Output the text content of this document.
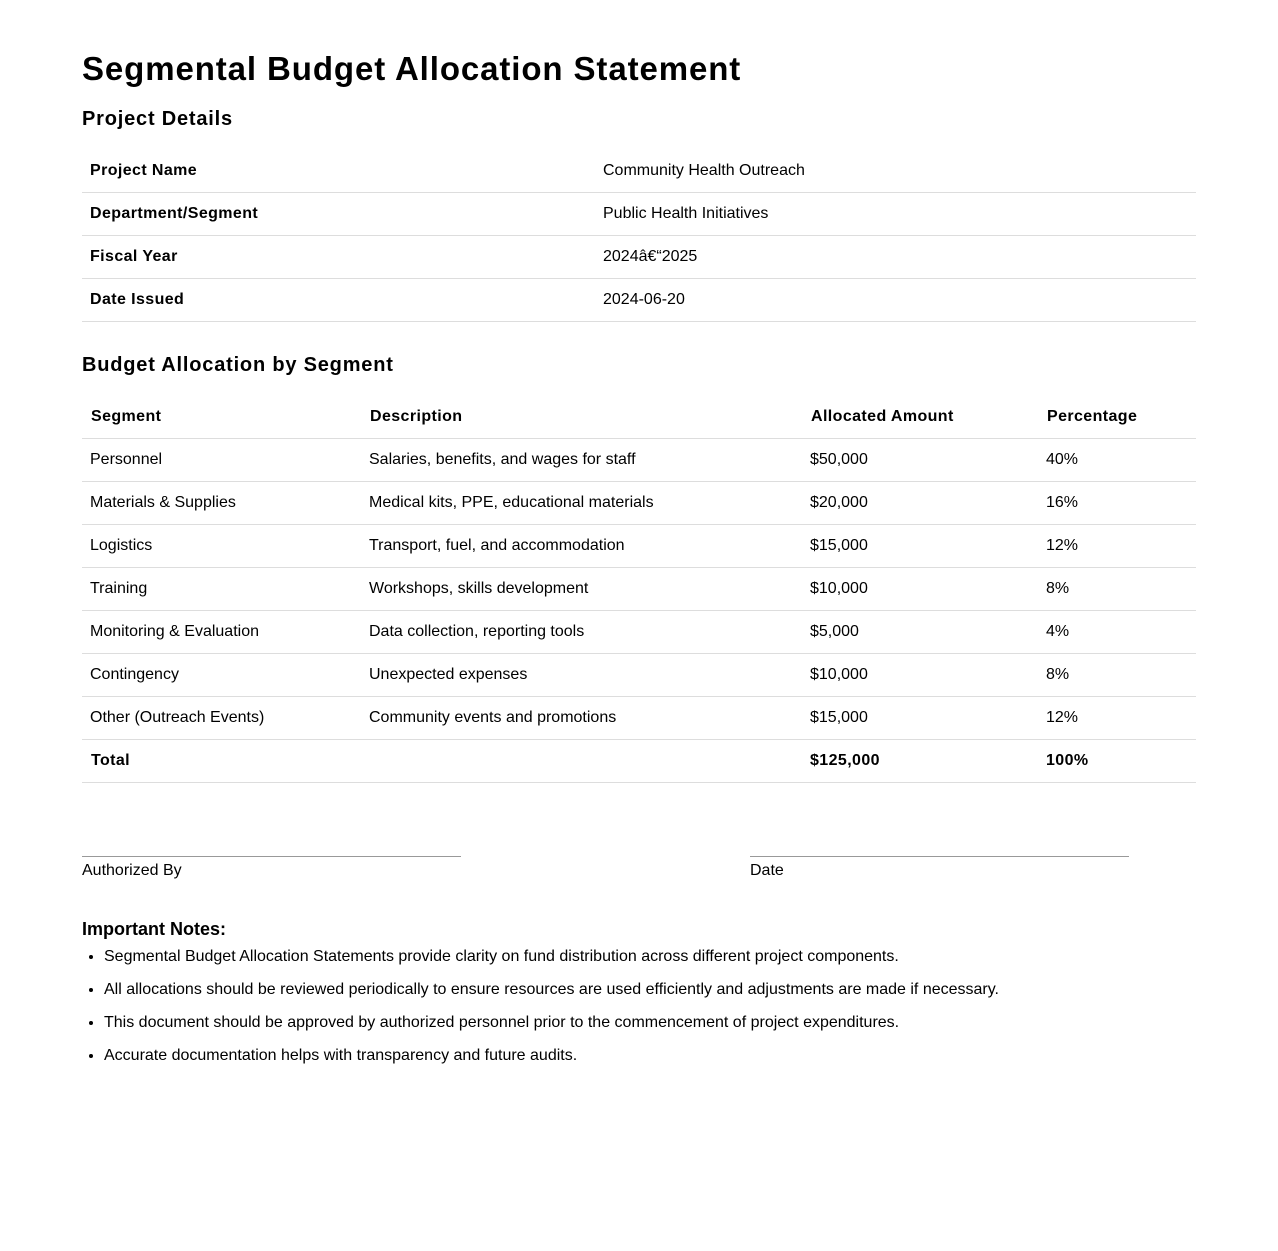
Segmental Budget Allocation Statement
Project Details
Project Name	Community Health Outreach
Department/Segment	Public Health Initiatives
Fiscal Year	2024â€“2025
Date Issued	2024-06-20
Budget Allocation by Segment
Segment	Description	Allocated Amount	Percentage
Personnel	Salaries, benefits, and wages for staff	$50,000	40%
Materials & Supplies	Medical kits, PPE, educational materials	$20,000	16%
Logistics	Transport, fuel, and accommodation	$15,000	12%
Training	Workshops, skills development	$10,000	8%
Monitoring & Evaluation	Data collection, reporting tools	$5,000	4%
Contingency	Unexpected expenses	$10,000	8%
Other (Outreach Events)	Community events and promotions	$15,000	12%
Total		$125,000	100%
Authorized By	Date
Important Notes:
• Segmental Budget Allocation Statements provide clarity on fund distribution across different project components.
• All allocations should be reviewed periodically to ensure resources are used efficiently and adjustments are made if necessary.
• This document should be approved by authorized personnel prior to the commencement of project expenditures.
• Accurate documentation helps with transparency and future audits.
